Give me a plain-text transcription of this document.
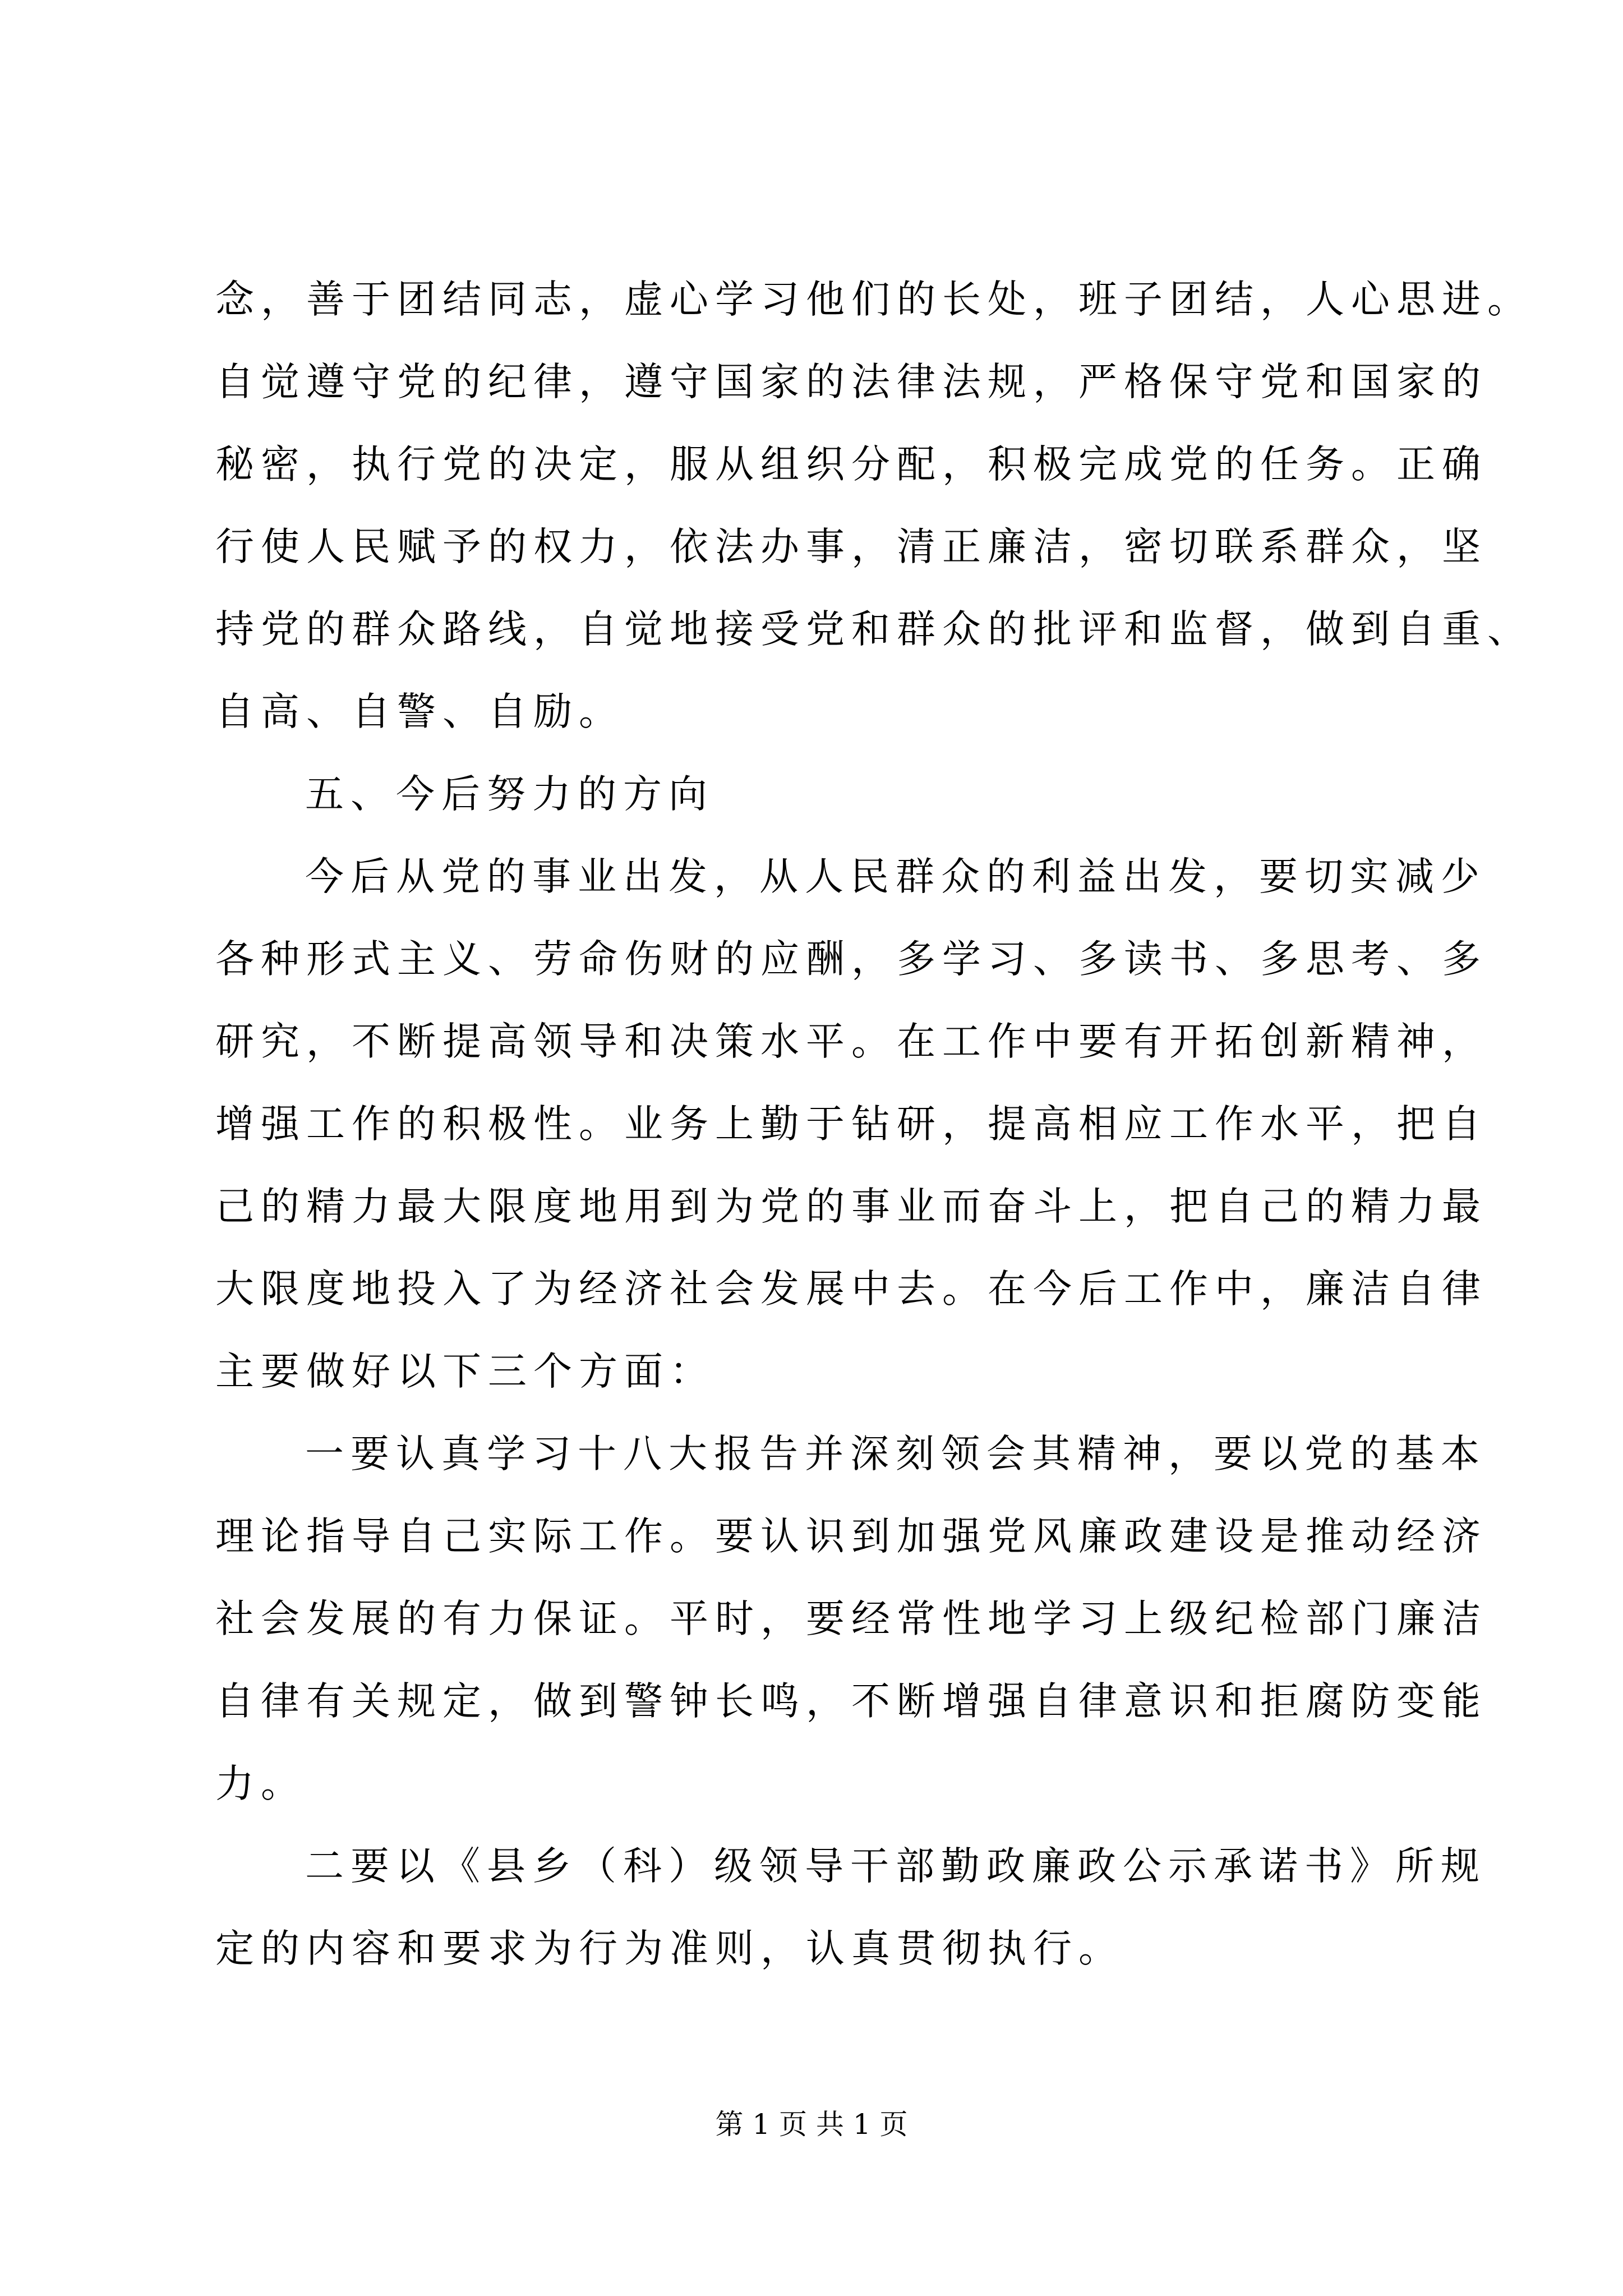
念，善于团结同志，虚心学习他们的长处，班子团结，人心思进。
自觉遵守党的纪律，遵守国家的法律法规，严格保守党和国家的
秘密，执行党的决定，服从组织分配，积极完成党的任务。正确
行使人民赋予的权力，依法办事，清正廉洁，密切联系群众，坚
持党的群众路线，自觉地接受党和群众的批评和监督，做到自重、
自高、自警、自励。
五、今后努力的方向
今后从党的事业出发，从人民群众的利益出发，要切实减少
各种形式主义、劳命伤财的应酬，多学习、多读书、多思考、多
研究，不断提高领导和决策水平。在工作中要有开拓创新精神，
增强工作的积极性。业务上勤于钻研，提高相应工作水平，把自
己的精力最大限度地用到为党的事业而奋斗上，把自己的精力最
大限度地投入了为经济社会发展中去。在今后工作中，廉洁自律
主要做好以下三个方面：
一要认真学习十八大报告并深刻领会其精神，要以党的基本
理论指导自己实际工作。要认识到加强党风廉政建设是推动经济
社会发展的有力保证。平时，要经常性地学习上级纪检部门廉洁
自律有关规定，做到警钟长鸣，不断增强自律意识和拒腐防变能
力。
二要以《县乡（科）级领导干部勤政廉政公示承诺书》所规
定的内容和要求为行为准则，认真贯彻执行。
第 1 页 共 1 页
